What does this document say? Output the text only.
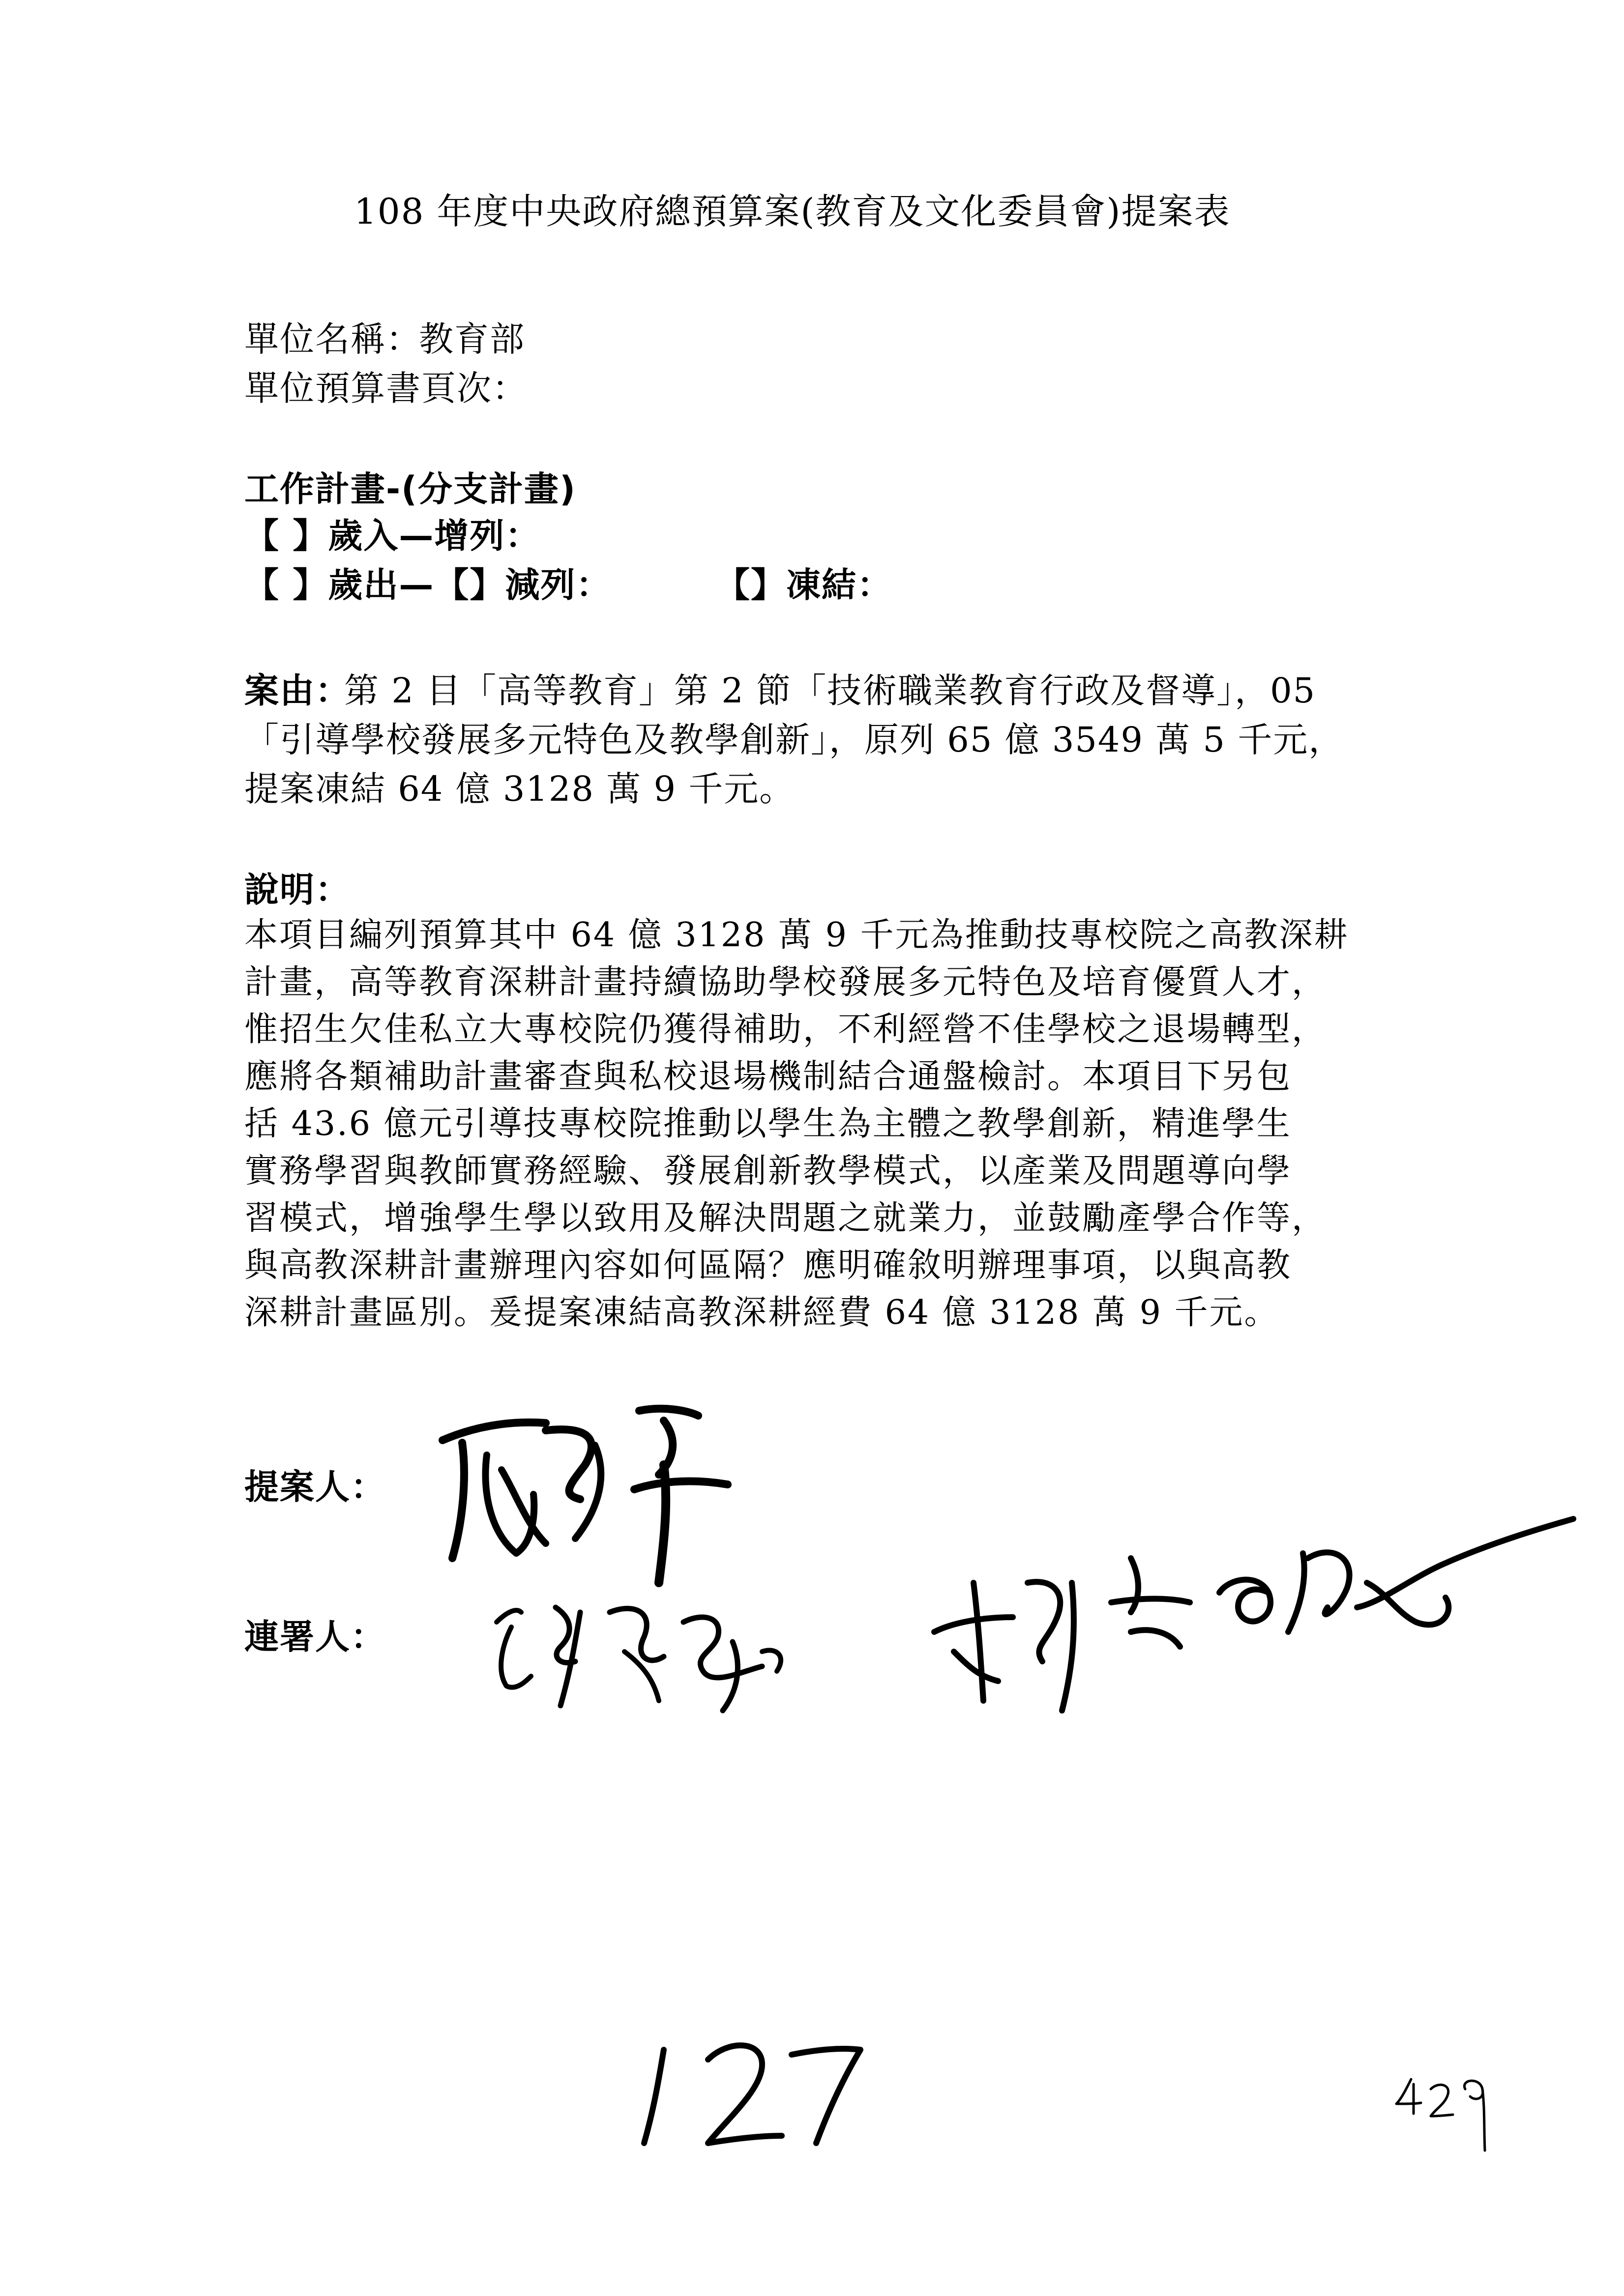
108 年度中央政府總預算案(教育及文化委員會)提案表
單位名稱：
教育部
單位預算書頁次：
工作計畫-(分支計畫)
【 】歲入—增列：
【 】歲出—【】減列：	【】凍結：
案由：
第 2 目「高等教育」第 2 節「技術職業教育行政及督導」，05
「引導學校發展多元特色及教學創新」，原列 65 億 3549 萬 5 千元，
提案凍結 64 億 3128 萬 9 千元。
說明：
本項目編列預算其中 64 億 3128 萬 9 千元為推動技專校院之高教深耕
計畫，高等教育深耕計畫持續協助學校發展多元特色及培育優質人才，
惟招生欠佳私立大專校院仍獲得補助，不利經營不佳學校之退場轉型，
應將各類補助計畫審查與私校退場機制結合通盤檢討。本項目下另包
括 43.6 億元引導技專校院推動以學生為主體之教學創新，精進學生
實務學習與教師實務經驗、發展創新教學模式，以產業及問題導向學
習模式，增強學生學以致用及解決問題之就業力，並鼓勵產學合作等，
與高教深耕計畫辦理內容如何區隔？應明確敘明辦理事項，以與高教
深耕計畫區別。爰提案凍結高教深耕經費 64 億 3128 萬 9 千元。
提案人：
連署人：
